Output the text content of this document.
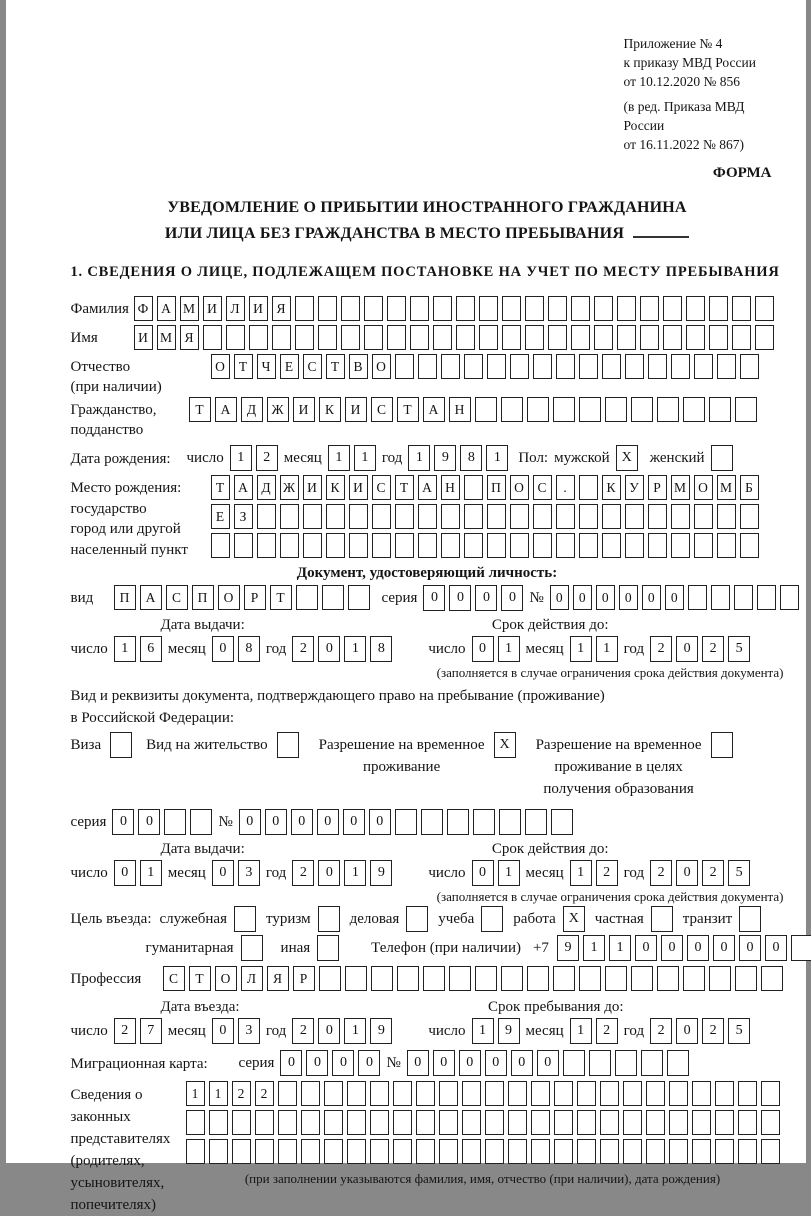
Приложение № 4
к приказу МВД России
от 10.12.2020 № 856
(в ред. Приказа МВД России
от 16.11.2022 № 867)
ФОРМА
УВЕДОМЛЕНИЕ О ПРИБЫТИИ ИНОСТРАННОГО ГРАЖДАНИНА
ИЛИ ЛИЦА БЕЗ ГРАЖДАНСТВА В МЕСТО ПРЕБЫВАНИЯ
1. СВЕДЕНИЯ О ЛИЦЕ, ПОДЛЕЖАЩЕМ ПОСТАНОВКЕ НА УЧЕТ ПО МЕСТУ ПРЕБЫВАНИЯ
Фамилия Ф А М И	Л	И	Я
Имя	И М Я
Отчество
(при наличии)
О	Т	Ч	Е	С	Т	В	О
Гражданство,
подданство
Т	А	Д	Ж	И	К	И	С	Т	А	Н
Дата рождения:	число 1	2 месяц 1	1 год 1	9	8	1	Пол: мужской X	женский
Место рождения:
государство
город или другой
населенный пункт
Т	А	Д Ж И	К	И	С	Т	А Н	П О	С	.	К	У	Р М О М Б
Е	З
Документ, удостоверяющий личность:
вид	П	А	С	П	О	Р	Т	серия 0	0	0	0 № 0	0	0	0	0	0
Дата выдачи:	Срок действия до:
число 1	6 месяц 0	8 год 2	0	1	8	число 0	1 месяц 1	1 год 2	0	2	5
(заполняется в случае ограничения срока действия документа)
Вид и реквизиты документа, подтверждающего право на пребывание (проживание)
в Российской Федерации:
Виза	Вид на жительство	Разрешение на временное
проживание
X	Разрешение на временное
проживание в целях
получения образования
серия 0	0	№ 0	0	0	0	0	0
Дата выдачи:	Срок действия до:
число 0	1 месяц 0	3 год 2	0	1	9	число 0	1 месяц 1	2 год 2	0	2	5
(заполняется в случае ограничения срока действия документа)
Цель въезда: служебная	туризм	деловая	учеба	работа X	частная	транзит
гуманитарная	иная	Телефон (при наличии) +7	9	1	1	0	0	0	0	0	0
Профессия	С	Т	О	Л	Я	Р
Дата въезда:	Срок пребывания до:
число 2	7 месяц 0	3 год 2	0	1	9	число 1	9 месяц 1	2 год 2	0	2	5
Миграционная карта:	серия 0	0	0	0 № 0	0	0	0	0	0
Сведения о
законных
представителях
(родителях,
усыновителях,
попечителях)
1	1	2	2
(при заполнении указываются фамилия, имя, отчество (при наличии), дата рождения)
